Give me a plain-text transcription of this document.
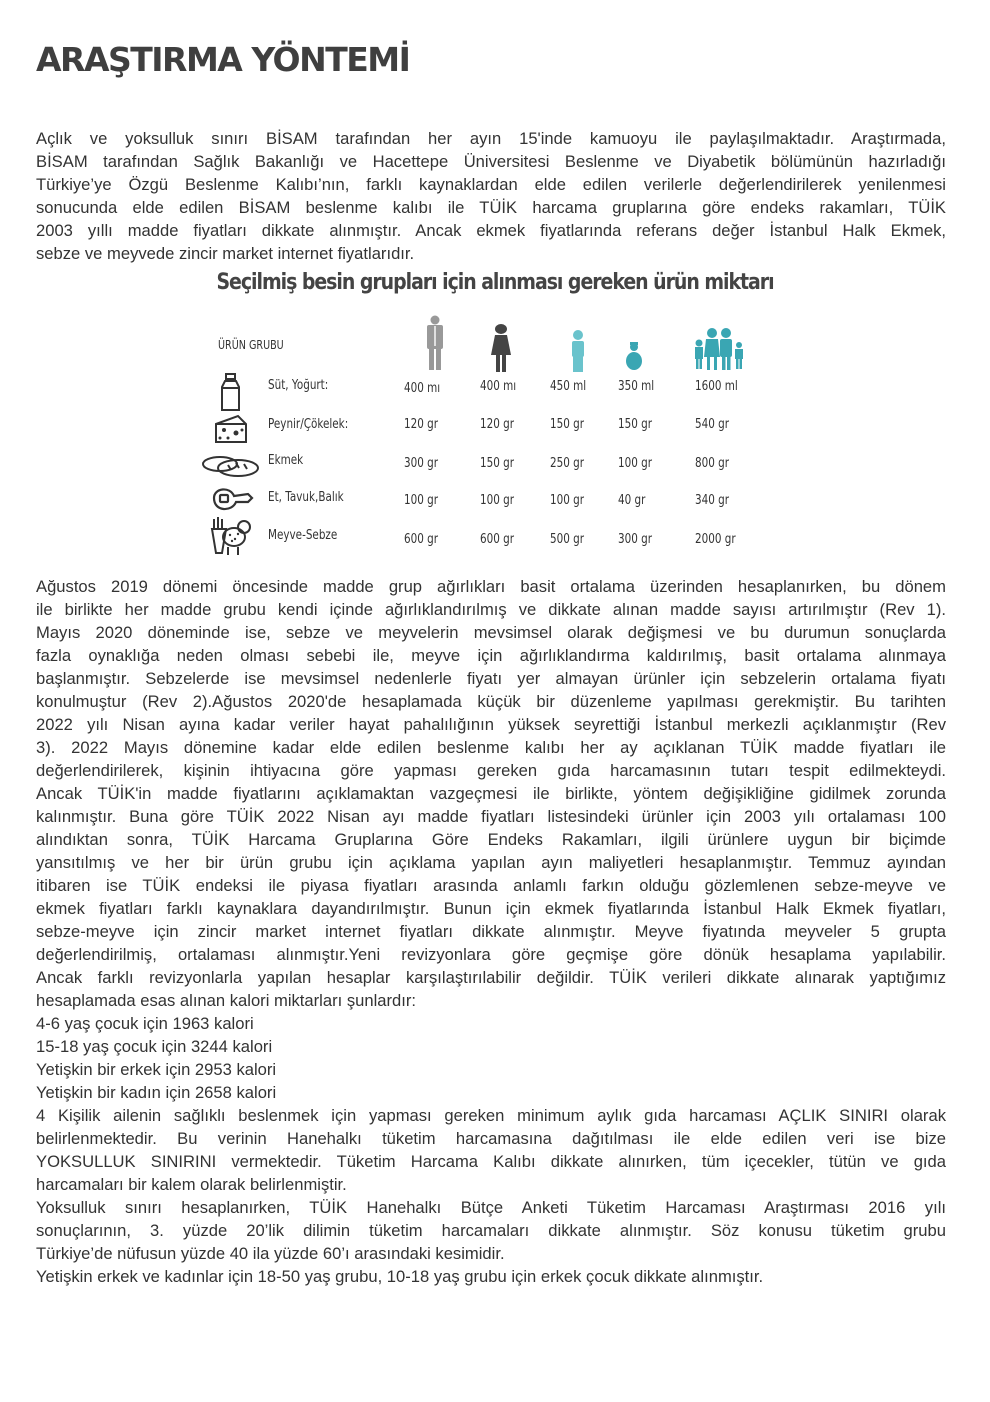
ARAŞTIRMA YÖNTEMİ
Açlık ve yoksulluk sınırı BİSAM tarafından her ayın 15'inde kamuoyu ile paylaşılmaktadır. Araştırmada,
BİSAM tarafından Sağlık Bakanlığı ve Hacettepe Üniversitesi Beslenme ve Diyabetik bölümünün hazırladığı
Türkiye’ye Özgü Beslenme Kalıbı’nın, farklı kaynaklardan elde edilen verilerle değerlendirilerek yenilenmesi
sonucunda elde edilen BİSAM beslenme kalıbı ile TÜİK harcama gruplarına göre endeks rakamları, TÜİK
2003 yıllı madde fiyatları dikkate alınmıştır. Ancak ekmek fiyatlarında referans değer İstanbul Halk Ekmek,
sebze ve meyvede zincir market internet fiyatlarıdır.
Seçilmiş besin grupları için alınması gereken ürün miktarı
ÜRÜN GRUBU
Süt, Yoğurt:	400 mı	400 mı	450 ml 350 ml	1600 ml
Peynir/Çökelek:	120 gr	120 gr	150 gr	150 gr	540 gr
Ekmek	300 gr	150 gr	250 gr	100 gr	800 gr
Et, Tavuk,Balık	100 gr	100 gr	100 gr	40 gr	340 gr
Meyve-Sebze	600 gr	600 gr	500 gr	300 gr	2000 gr
Ağustos 2019 dönemi öncesinde madde grup ağırlıkları basit ortalama üzerinden hesaplanırken, bu dönem
ile birlikte her madde grubu kendi içinde ağırlıklandırılmış ve dikkate alınan madde sayısı artırılmıştır (Rev 1).
Mayıs 2020 döneminde ise, sebze ve meyvelerin mevsimsel olarak değişmesi ve bu durumun sonuçlarda
fazla oynaklığa neden olması sebebi ile, meyve için ağırlıklandırma kaldırılmış, basit ortalama alınmaya
başlanmıştır. Sebzelerde ise mevsimsel nedenlerle fiyatı yer almayan ürünler için sebzelerin ortalama fiyatı
konulmuştur (Rev 2).Ağustos 2020'de hesaplamada küçük bir düzenleme yapılması gerekmiştir. Bu tarihten
2022 yılı Nisan ayına kadar veriler hayat pahalılığının yüksek seyrettiği İstanbul merkezli açıklanmıştır (Rev
3). 2022 Mayıs dönemine kadar elde edilen beslenme kalıbı her ay açıklanan TÜİK madde fiyatları ile
değerlendirilerek, kişinin ihtiyacına göre yapması gereken gıda harcamasının tutarı tespit edilmekteydi.
Ancak TÜİK'in madde fiyatlarını açıklamaktan vazgeçmesi ile birlikte, yöntem değişikliğine gidilmek zorunda
kalınmıştır. Buna göre TÜİK 2022 Nisan ayı madde fiyatları listesindeki ürünler için 2003 yılı ortalaması 100
alındıktan sonra, TÜİK Harcama Gruplarına Göre Endeks Rakamları, ilgili ürünlere uygun bir biçimde
yansıtılmış ve her bir ürün grubu için açıklama yapılan ayın maliyetleri hesaplanmıştır. Temmuz ayından
itibaren ise TÜİK endeksi ile piyasa fiyatları arasında anlamlı farkın olduğu gözlemlenen sebze-meyve ve
ekmek fiyatları farklı kaynaklara dayandırılmıştır. Bunun için ekmek fiyatlarında İstanbul Halk Ekmek fiyatları,
sebze-meyve için zincir market internet fiyatları dikkate alınmıştır. Meyve fiyatında meyveler 5 grupta
değerlendirilmiş, ortalaması alınmıştır.Yeni revizyonlara göre geçmişe göre dönük hesaplama yapılabilir.
Ancak farklı revizyonlarla yapılan hesaplar karşılaştırılabilir değildir. TÜİK verileri dikkate alınarak yaptığımız
hesaplamada esas alınan kalori miktarları şunlardır:
4-6 yaş çocuk için 1963 kalori
15-18 yaş çocuk için 3244 kalori
Yetişkin bir erkek için 2953 kalori
Yetişkin bir kadın için 2658 kalori
4 Kişilik ailenin sağlıklı beslenmek için yapması gereken minimum aylık gıda harcaması AÇLIK SINIRI olarak
belirlenmektedir. Bu verinin Hanehalkı tüketim harcamasına dağıtılması ile elde edilen veri ise bize
YOKSULLUK SINIRINI vermektedir. Tüketim Harcama Kalıbı dikkate alınırken, tüm içecekler, tütün ve gıda
harcamaları bir kalem olarak belirlenmiştir.
Yoksulluk sınırı hesaplanırken, TÜİK Hanehalkı Bütçe Anketi Tüketim Harcaması Araştırması 2016 yılı
sonuçlarının, 3. yüzde 20’lik dilimin tüketim harcamaları dikkate alınmıştır. Söz konusu tüketim grubu
Türkiye’de nüfusun yüzde 40 ila yüzde 60’ı arasındaki kesimidir.
Yetişkin erkek ve kadınlar için 18-50 yaş grubu, 10-18 yaş grubu için erkek çocuk dikkate alınmıştır.
